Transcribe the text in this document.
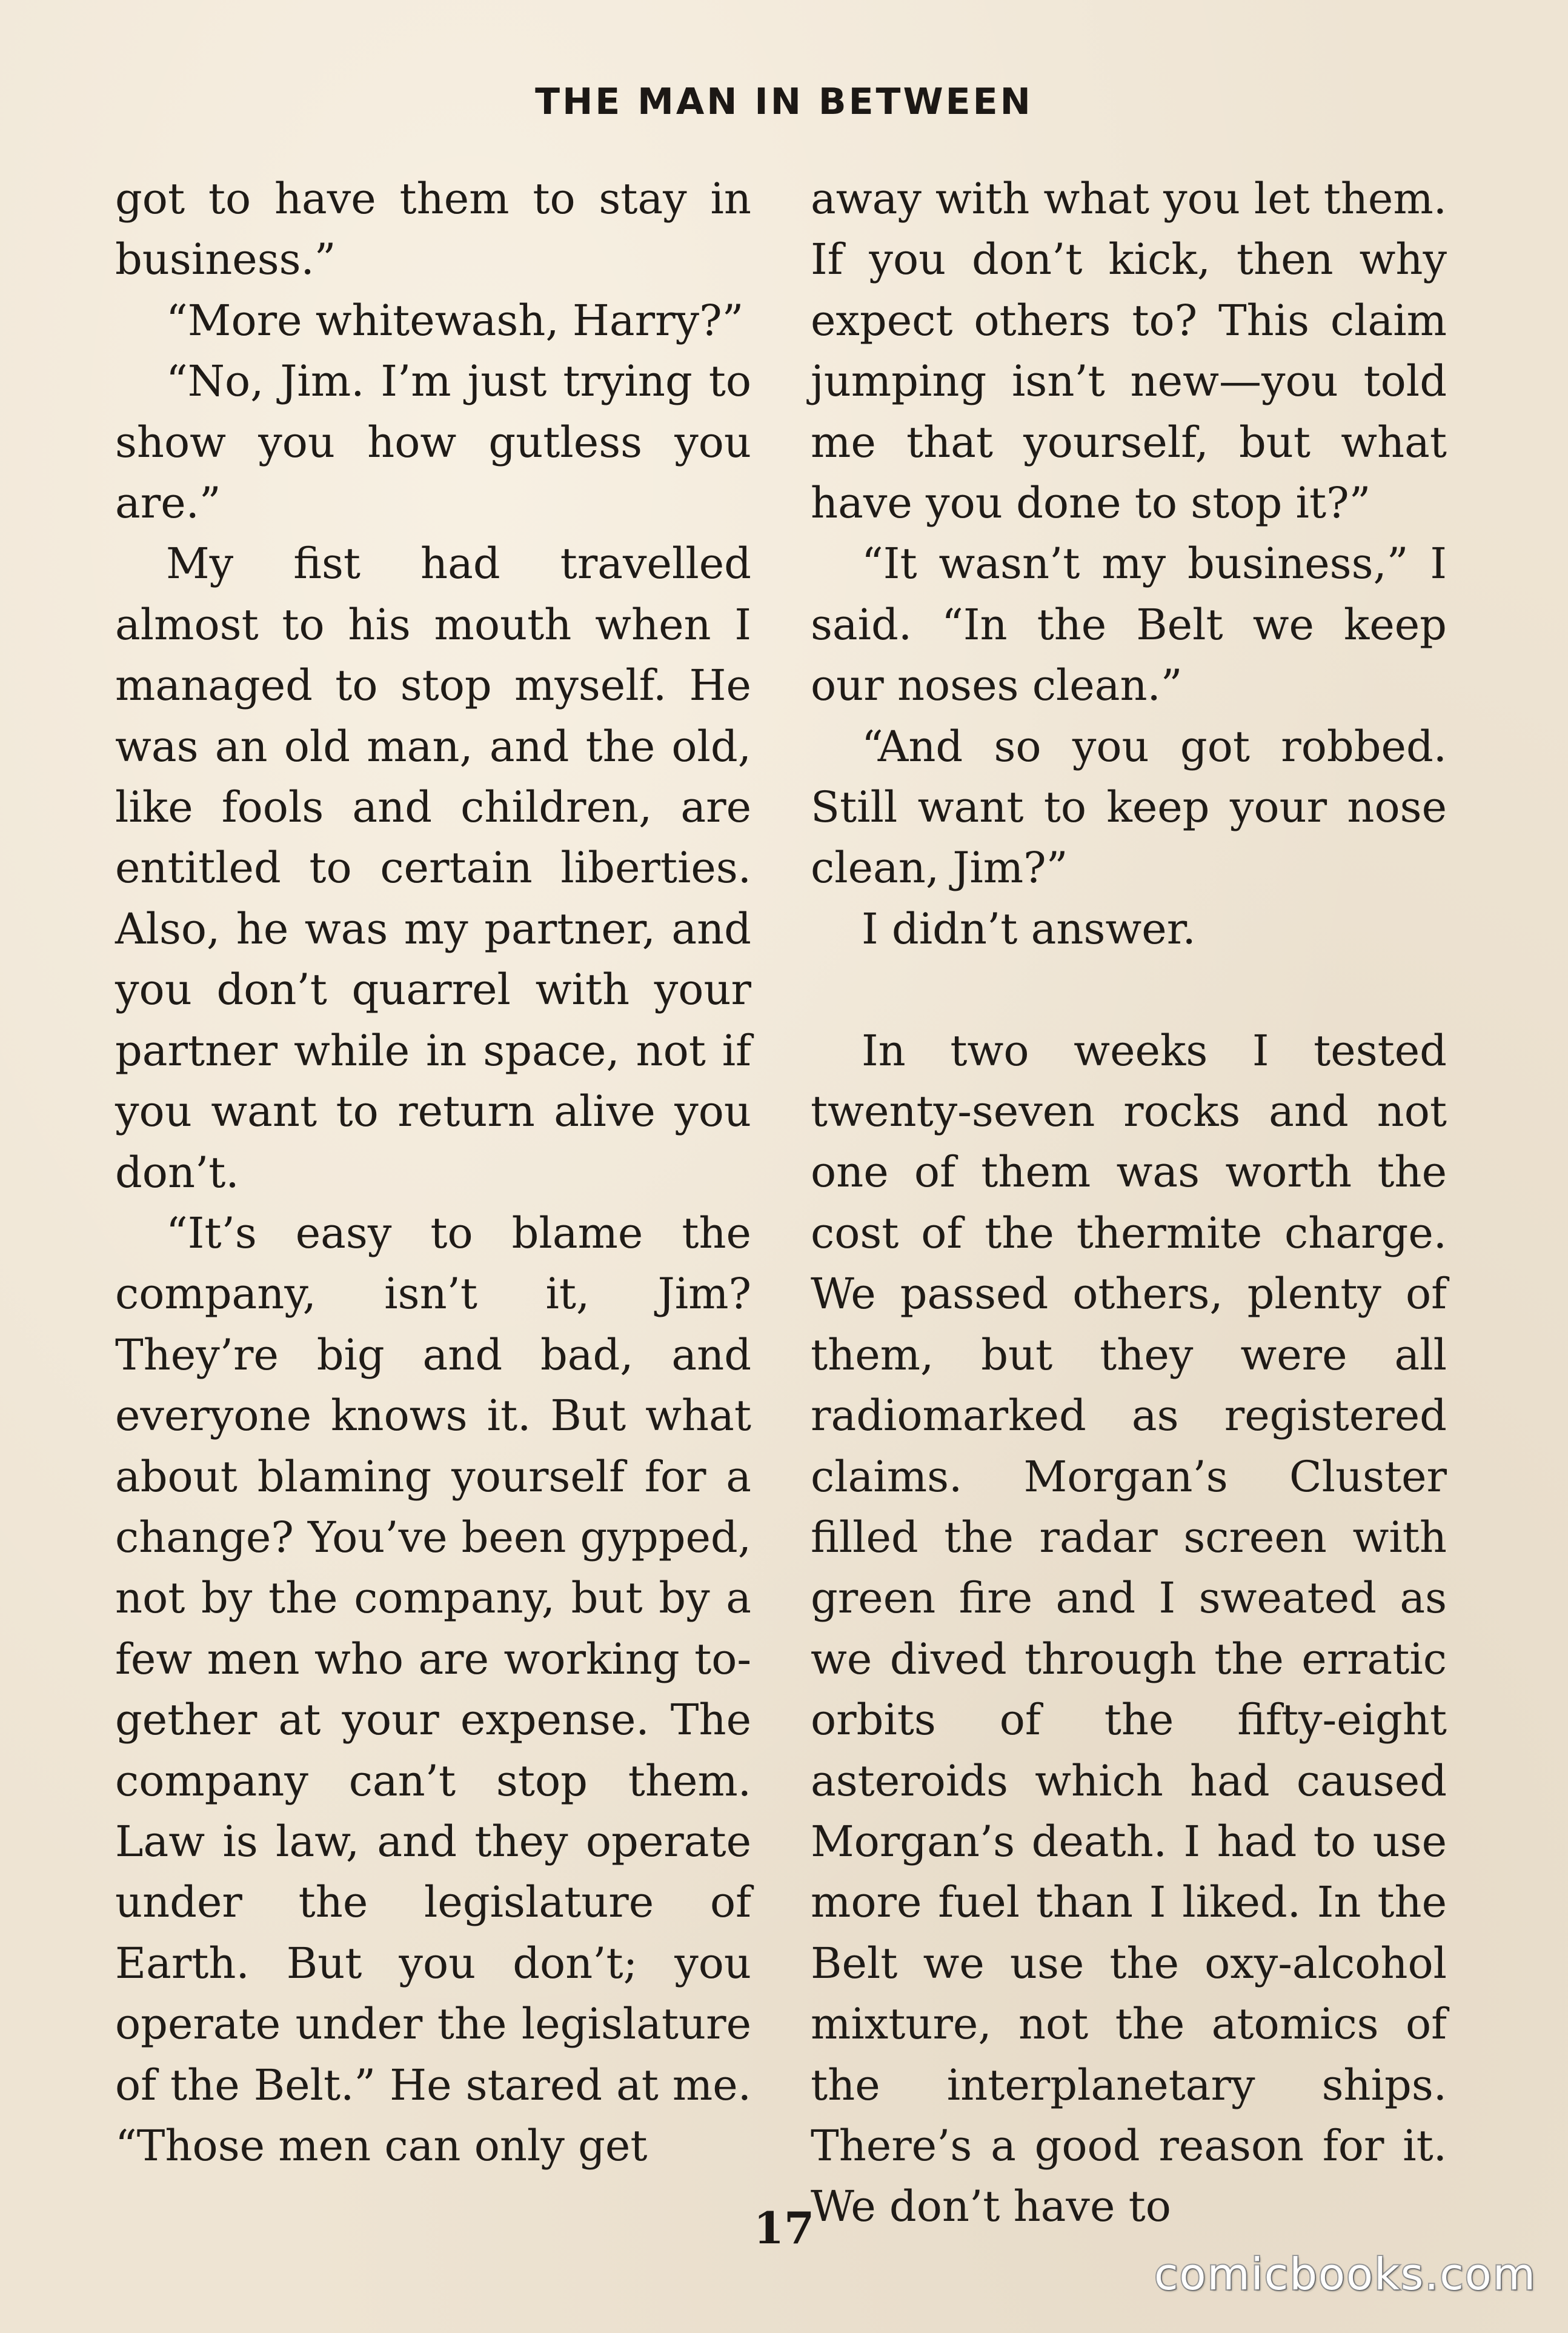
THE MAN IN BETWEEN

got to have them to stay in business.”

“More whitewash, Harry?”

“No, Jim. I’m just trying to show you how gutless you are.”

My fist had travelled almost to his mouth when I managed to stop myself. He was an old man, and the old, like fools and children, are entitled to certain liberties. Also, he was my partner, and you don’t quarrel with your partner while in space, not if you want to return alive you don’t.

“It’s easy to blame the company, isn’t it, Jim? They’re big and bad, and everyone knows it. But what about blaming yourself for a change? You’ve been gypped, not by the company, but by a few men who are working together at your expense. The company can’t stop them. Law is law, and they operate under the legislature of Earth. But you don’t; you operate under the legislature of the Belt.” He stared at me. “Those men can only get

away with what you let them. If you don’t kick, then why expect others to? This claim jumping isn’t new—you told me that yourself, but what have you done to stop it?”

“It wasn’t my business,” I said. “In the Belt we keep our noses clean.”

“And so you got robbed. Still want to keep your nose clean, Jim?”

I didn’t answer.

In two weeks I tested twenty-seven rocks and not one of them was worth the cost of the thermite charge. We passed others, plenty of them, but they were all radiomarked as registered claims. Morgan’s Cluster filled the radar screen with green fire and I sweated as we dived through the erratic orbits of the fifty-eight asteroids which had caused Morgan’s death. I had to use more fuel than I liked. In the Belt we use the oxy-alcohol mixture, not the atomics of the interplanetary ships. There’s a good reason for it. We don’t have to

17
comicbooks.com
